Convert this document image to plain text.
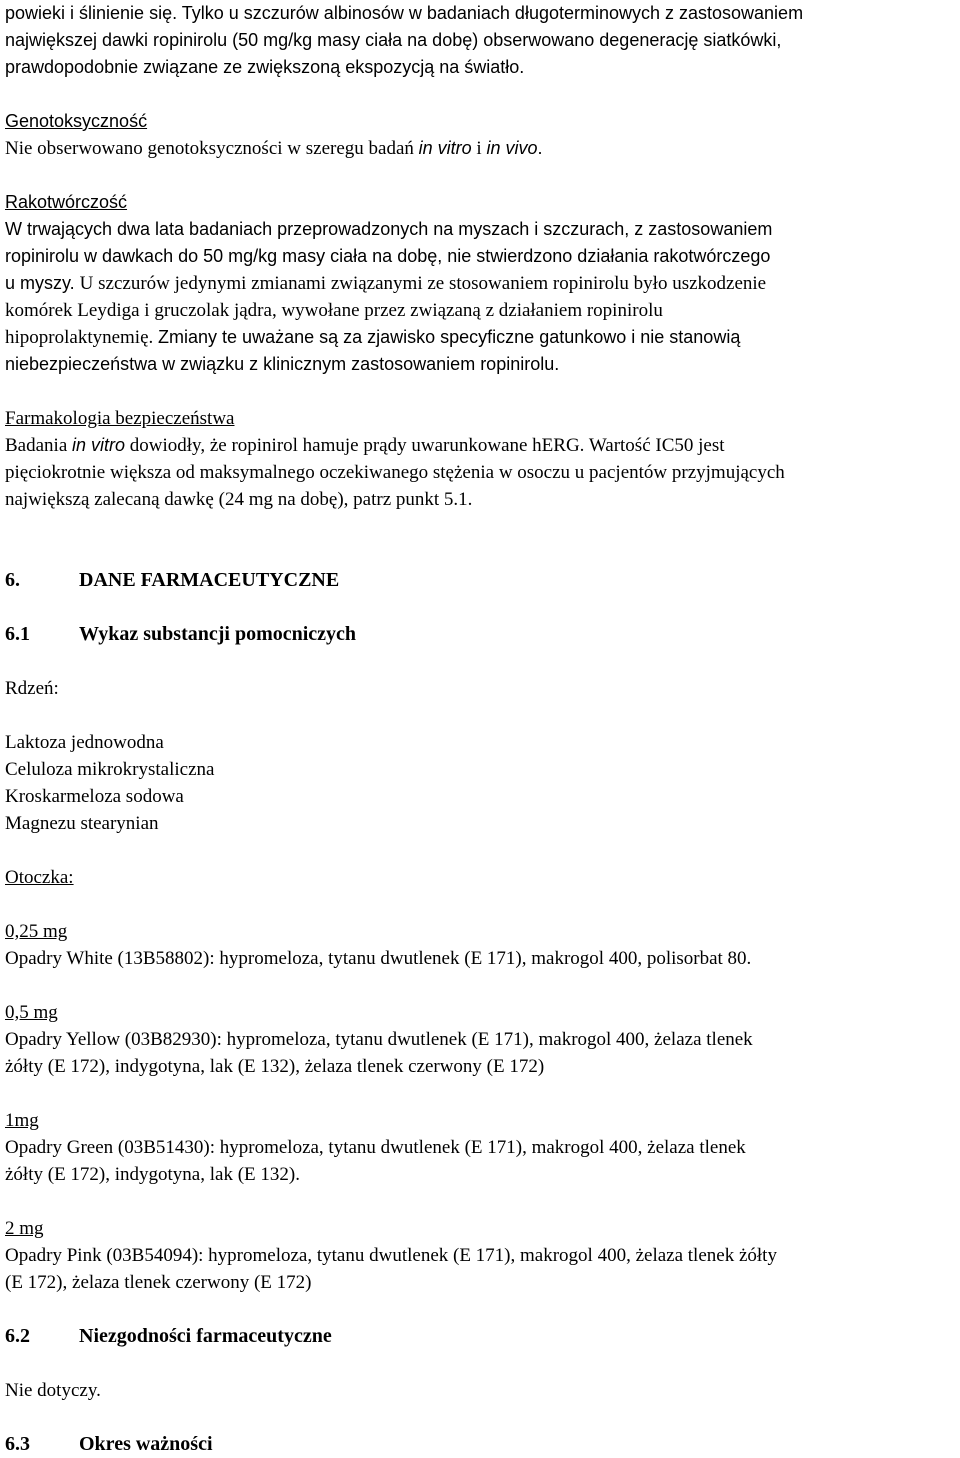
powieki i ślinienie się. Tylko u szczurów albinosów w badaniach długoterminowych z zastosowaniem
największej dawki ropinirolu (50 mg/kg masy ciała na dobę) obserwowano degenerację siatkówki,
prawdopodobnie związane ze zwiększoną ekspozycją na światło.

Genotoksyczność

Nie obserwowano genotoksyczności w szeregu badań in vitro i in vivo.

Rakotwórczość

W trwających dwa lata badaniach przeprowadzonych na myszach i szczurach, z zastosowaniem
ropinirolu w dawkach do 50 mg/kg masy ciała na dobę, nie stwierdzono działania rakotwórczego
u myszy. U szczurów jedynymi zmianami związanymi ze stosowaniem ropinirolu było uszkodzenie
komórek Leydiga i gruczolak jądra, wywołane przez związaną z działaniem ropinirolu
hipoprolaktynemię. Zmiany te uważane są za zjawisko specyficzne gatunkowo i nie stanowią
niebezpieczeństwa w związku z klinicznym zastosowaniem ropinirolu.

Farmakologia bezpieczeństwa

Badania in vitro dowiodły, że ropinirol hamuje prądy uwarunkowane hERG. Wartość IC50 jest
pięciokrotnie większa od maksymalnego oczekiwanego stężenia w osoczu u pacjentów przyjmujących
największą zalecaną dawkę (24 mg na dobę), patrz punkt 5.1.

6.	DANE FARMACEUTYCZNE
6.1	Wykaz substancji pomocniczych

Rdzeń:

Laktoza jednowodna
Celuloza mikrokrystaliczna
Kroskarmeloza sodowa
Magnezu stearynian

Otoczka:

0,25 mg

Opadry White (13B58802): hypromeloza, tytanu dwutlenek (E 171), makrogol 400, polisorbat 80.

0,5 mg

Opadry Yellow (03B82930): hypromeloza, tytanu dwutlenek (E 171), makrogol 400, żelaza tlenek
żółty (E 172), indygotyna, lak (E 132), żelaza tlenek czerwony (E 172)

1mg

Opadry Green (03B51430): hypromeloza, tytanu dwutlenek (E 171), makrogol 400, żelaza tlenek
żółty (E 172), indygotyna, lak (E 132).

2 mg

Opadry Pink (03B54094): hypromeloza, tytanu dwutlenek (E 171), makrogol 400, żelaza tlenek żółty
(E 172), żelaza tlenek czerwony (E 172)

6.2	Niezgodności farmaceutyczne

Nie dotyczy.

6.3	Okres ważności
